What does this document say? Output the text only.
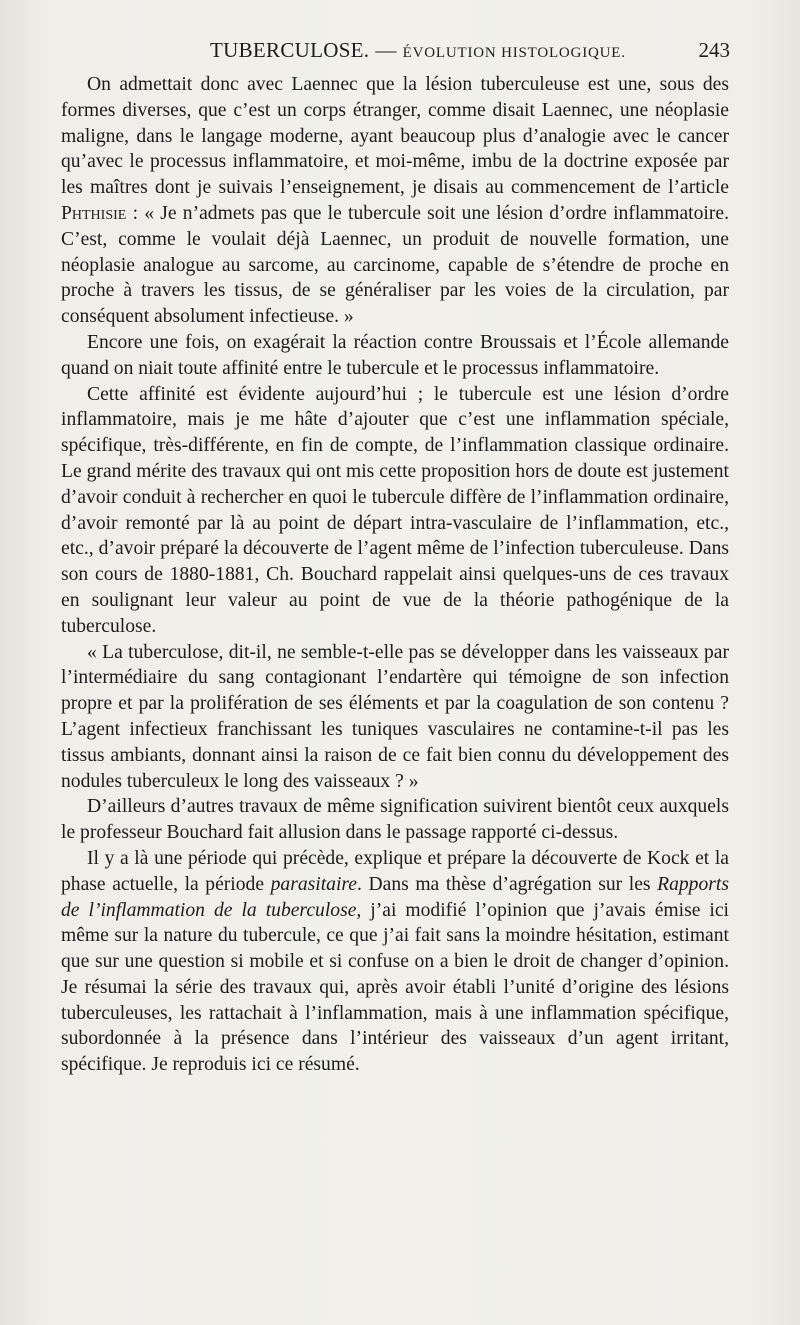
TUBERCULOSE. — ÉVOLUTION HISTOLOGIQUE.	243

On admettait donc avec Laennec que la lésion tuberculeuse est une, sous des formes diverses, que c’est un corps étranger, comme disait Laennec, une néoplasie maligne, dans le langage moderne, ayant beaucoup plus d’analogie avec le cancer qu’avec le processus inflammatoire, et moi-même, imbu de la doctrine exposée par les maîtres dont je suivais l’enseignement, je disais au commencement de l’article Phthisie : « Je n’admets pas que le tubercule soit une lésion d’ordre inflammatoire. C’est, comme le voulait déjà Laennec, un produit de nouvelle formation, une néoplasie analogue au sarcome, au carcinome, capable de s’étendre de proche en proche à travers les tissus, de se généraliser par les voies de la circulation, par conséquent absolument infectieuse. »

Encore une fois, on exagérait la réaction contre Broussais et l’École allemande quand on niait toute affinité entre le tubercule et le processus inflammatoire.

Cette affinité est évidente aujourd’hui ; le tubercule est une lésion d’ordre inflammatoire, mais je me hâte d’ajouter que c’est une inflammation spéciale, spécifique, très-différente, en fin de compte, de l’inflammation classique ordinaire. Le grand mérite des travaux qui ont mis cette proposition hors de doute est justement d’avoir conduit à rechercher en quoi le tubercule diffère de l’inflammation ordinaire, d’avoir remonté par là au point de départ intra-vasculaire de l’inflammation, etc., etc., d’avoir préparé la découverte de l’agent même de l’infection tuberculeuse. Dans son cours de 1880-1881, Ch. Bouchard rappelait ainsi quelques-uns de ces travaux en soulignant leur valeur au point de vue de la théorie pathogénique de la tuberculose.

« La tuberculose, dit-il, ne semble-t-elle pas se développer dans les vaisseaux par l’intermédiaire du sang contagionant l’endartère qui témoigne de son infection propre et par la prolifération de ses éléments et par la coagulation de son contenu ? L’agent infectieux franchissant les tuniques vasculaires ne contamine-t-il pas les tissus ambiants, donnant ainsi la raison de ce fait bien connu du développement des nodules tuberculeux le long des vaisseaux ? »

D’ailleurs d’autres travaux de même signification suivirent bientôt ceux auxquels le professeur Bouchard fait allusion dans le passage rapporté ci-dessus.

Il y a là une période qui précède, explique et prépare la découverte de Kock et la phase actuelle, la période parasitaire. Dans ma thèse d’agrégation sur les Rapports de l’inflammation de la tuberculose, j’ai modifié l’opinion que j’avais émise ici même sur la nature du tubercule, ce que j’ai fait sans la moindre hésitation, estimant que sur une question si mobile et si confuse on a bien le droit de changer d’opinion. Je résumai la série des travaux qui, après avoir établi l’unité d’origine des lésions tuberculeuses, les rattachait à l’inflammation, mais à une inflammation spécifique, subordonnée à la présence dans l’intérieur des vaisseaux d’un agent irritant, spécifique. Je reproduis ici ce résumé.
